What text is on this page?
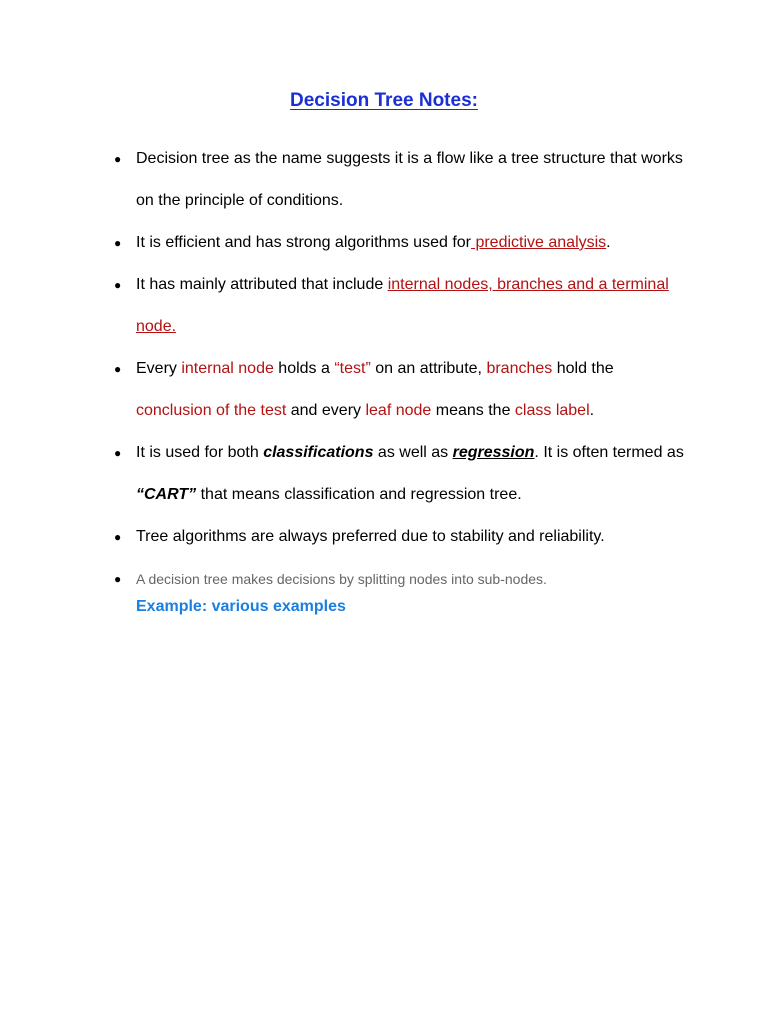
Decision Tree Notes:
● Decision tree as the name suggests it is a flow like a tree structure that works on the principle of conditions.
● It is efficient and has strong algorithms used for predictive analysis.
● It has mainly attributed that include internal nodes, branches and a terminal node.
● Every internal node holds a “test” on an attribute, branches hold the conclusion of the test and every leaf node means the class label.
● It is used for both classifications as well as regression. It is often termed as “CART” that means classification and regression tree.
● Tree algorithms are always preferred due to stability and reliability.
● A decision tree makes decisions by splitting nodes into sub-nodes.
Example: various examples
